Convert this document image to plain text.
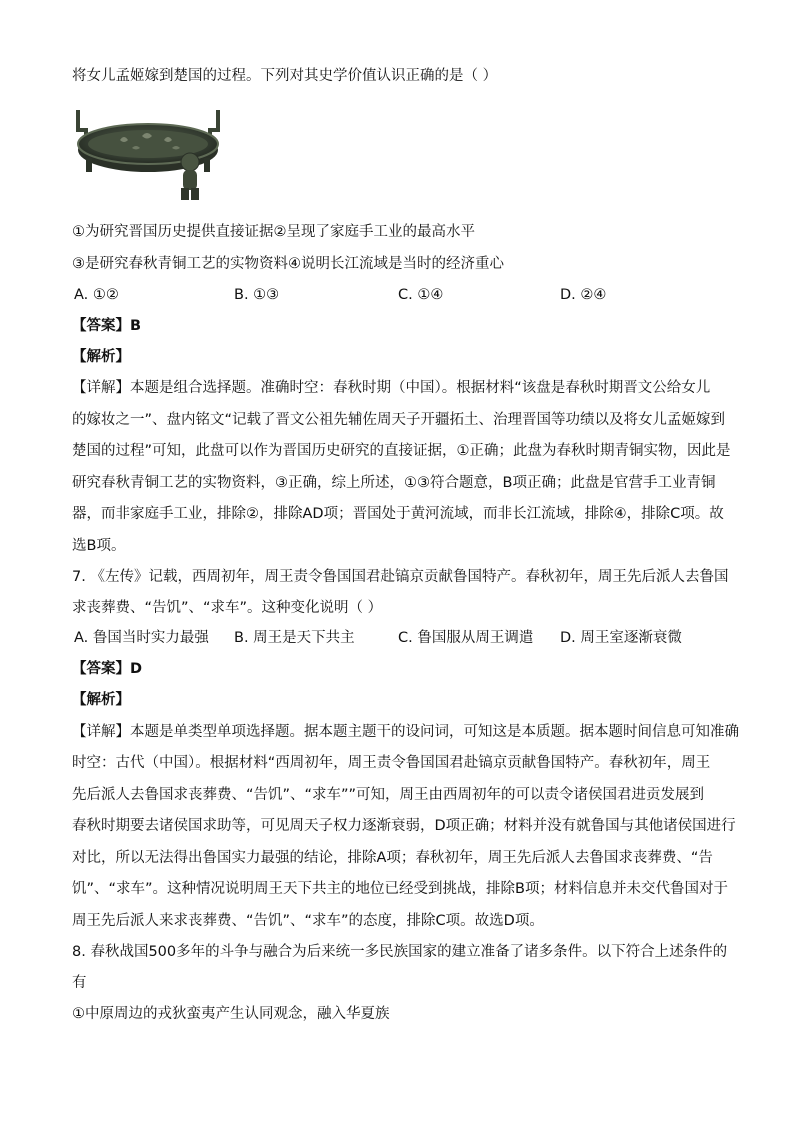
将女儿孟姬嫁到楚国的过程。下列对其史学价值认识正确的是（ ）
①为研究晋国历史提供直接证据②呈现了家庭手工业的最高水平
③是研究春秋青铜工艺的实物资料④说明长江流域是当时的经济重心
A. ①②	B. ①③	C. ①④	D. ②④
【答案】B
【解析】
【详解】本题是组合选择题。准确时空：春秋时期（中国）。根据材料“该盘是春秋时期晋文公给女儿
的嫁妆之一”、盘内铭文“记载了晋文公祖先辅佐周天子开疆拓土、治理晋国等功绩以及将女儿孟姬嫁到
楚国的过程”可知，此盘可以作为晋国历史研究的直接证据，①正确；此盘为春秋时期青铜实物，因此是
研究春秋青铜工艺的实物资料，③正确，综上所述，①③符合题意，B项正确；此盘是官营手工业青铜
器，而非家庭手工业，排除②，排除AD项；晋国处于黄河流域，而非长江流域，排除④，排除C项。故
选B项。
7. 《左传》记载，西周初年，周王责令鲁国国君赴镐京贡献鲁国特产。春秋初年，周王先后派人去鲁国
求丧葬费、“告饥”、“求车”。这种变化说明（ ）
A. 鲁国当时实力最强 B. 周王是天下共主	C. 鲁国服从周王调遣 D. 周王室逐渐衰微
【答案】D
【解析】
【详解】本题是单类型单项选择题。据本题主题干的设问词，可知这是本质题。据本题时间信息可知准确
时空：古代（中国）。根据材料“西周初年，周王责令鲁国国君赴镐京贡献鲁国特产。春秋初年，周王
先后派人去鲁国求丧葬费、“告饥”、“求车””可知，周王由西周初年的可以责令诸侯国君进贡发展到
春秋时期要去诸侯国求助等，可见周天子权力逐渐衰弱，D项正确；材料并没有就鲁国与其他诸侯国进行
对比，所以无法得出鲁国实力最强的结论，排除A项；春秋初年，周王先后派人去鲁国求丧葬费、“告
饥”、“求车”。这种情况说明周王天下共主的地位已经受到挑战，排除B项；材料信息并未交代鲁国对于
周王先后派人来求丧葬费、“告饥”、“求车”的态度，排除C项。故选D项。
8. 春秋战国500多年的斗争与融合为后来统一多民族国家的建立准备了诸多条件。以下符合上述条件的
有
①中原周边的戎狄蛮夷产生认同观念，融入华夏族
